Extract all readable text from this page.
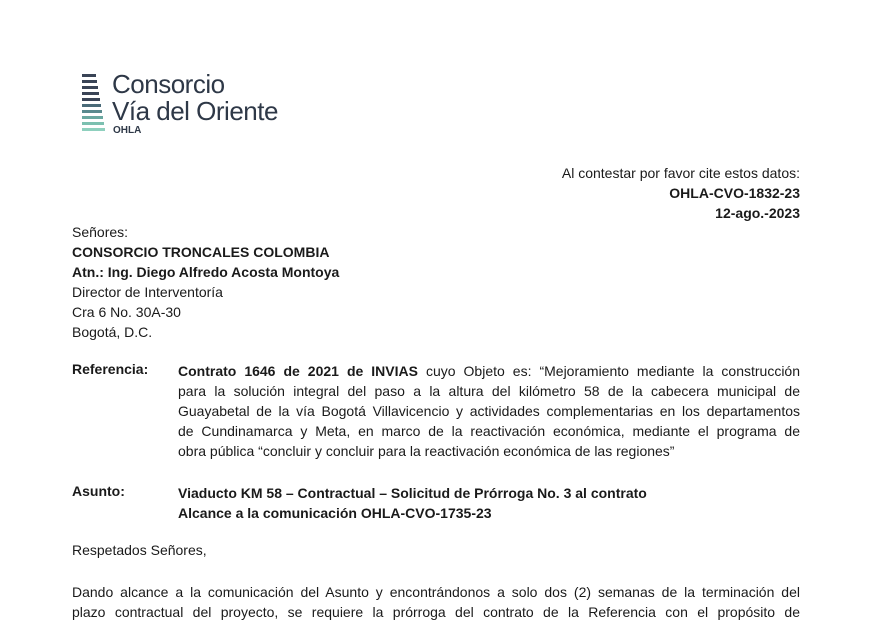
Consorcio
Vía del Oriente
OHLA
Al contestar por favor cite estos datos:
OHLA-CVO-1832-23
12-ago.-2023
Señores:
CONSORCIO TRONCALES COLOMBIA
Atn.: Ing. Diego Alfredo Acosta Montoya
Director de Interventoría
Cra 6 No. 30A-30
Bogotá, D.C.
Referencia: Contrato 1646 de 2021 de INVIAS cuyo Objeto es: “Mejoramiento mediante la construcción
para la solución integral del paso a la altura del kilómetro 58 de la cabecera municipal de
Guayabetal de la vía Bogotá Villavicencio y actividades complementarias en los departamentos
de Cundinamarca y Meta, en marco de la reactivación económica, mediante el programa de
obra pública “concluir y concluir para la reactivación económica de las regiones”
Asunto:	Viaducto KM 58 – Contractual – Solicitud de Prórroga No. 3 al contrato
Alcance a la comunicación OHLA-CVO-1735-23
Respetados Señores,
Dando alcance a la comunicación del Asunto y encontrándonos a solo dos (2) semanas de la terminación del
plazo contractual del proyecto, se requiere la prórroga del contrato de la Referencia con el propósito de
